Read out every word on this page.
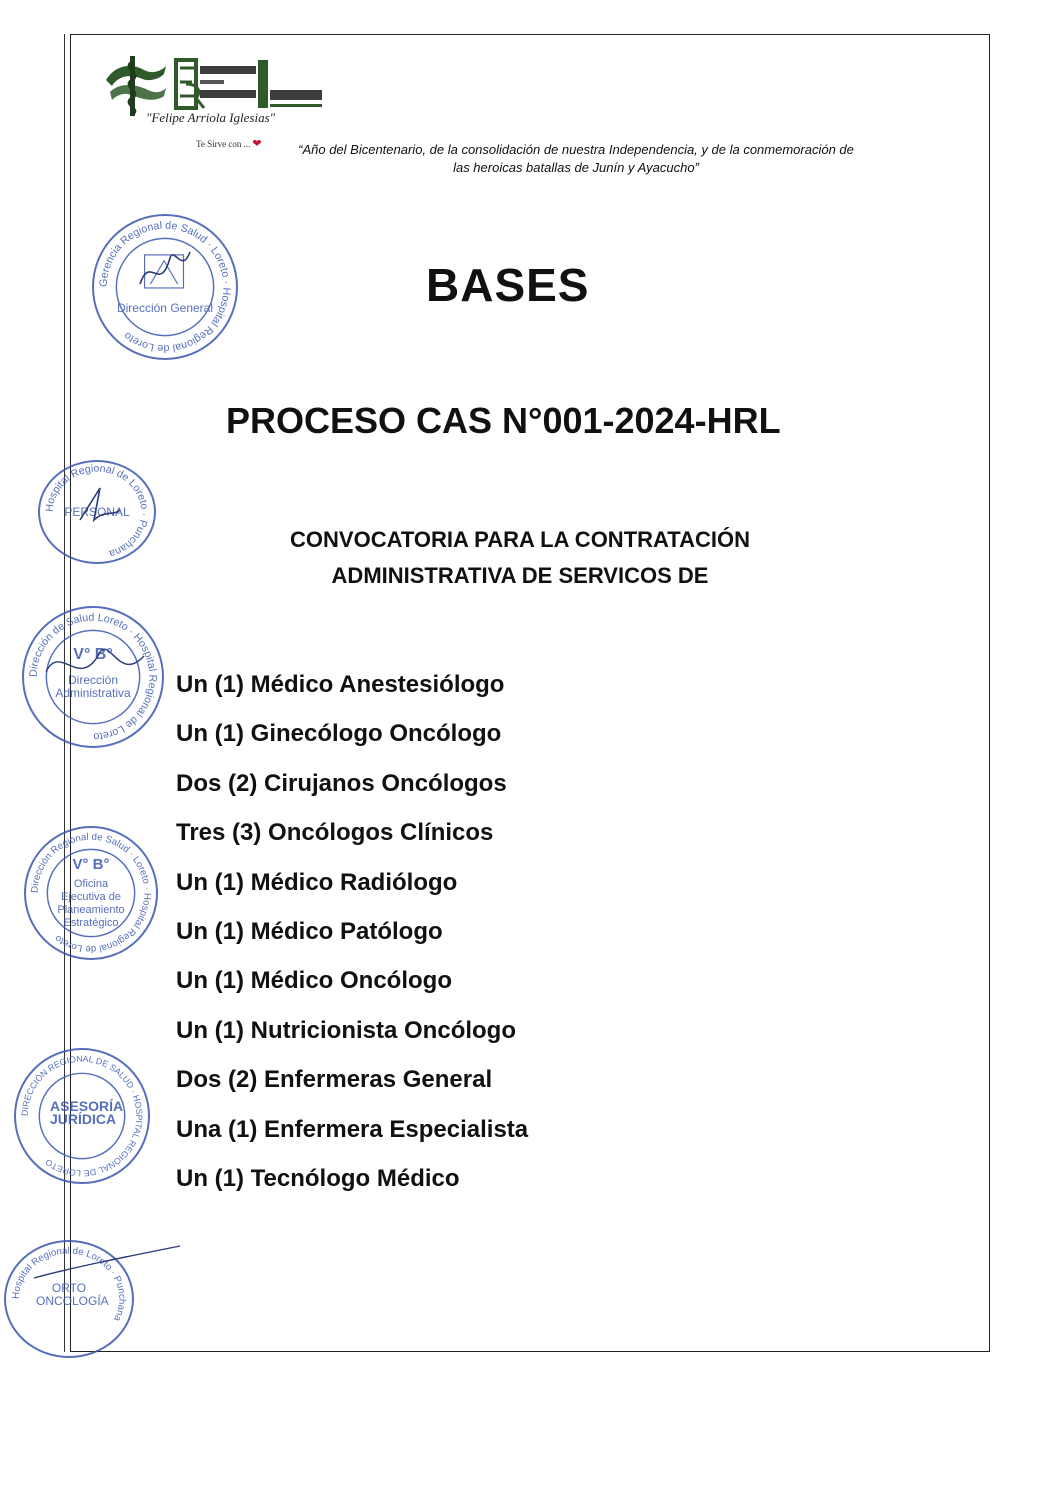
"Felipe Arriola Iglesias"
Te Sirve con ... ❤	“Año del Bicentenario, de la consolidación de nuestra Independencia, y de la conmemoración de las heroicas batallas de Junín y Ayacucho”
BASES
PROCESO CAS N°001-2024-HRL
CONVOCATORIA PARA LA CONTRATACIÓN
ADMINISTRATIVA DE SERVICOS DE
Un (1) Médico Anestesiólogo
Un (1) Ginecólogo Oncólogo
Dos (2) Cirujanos Oncólogos
Tres (3) Oncólogos Clínicos
Un (1) Médico Radiólogo
Un (1) Médico Patólogo
Un (1) Médico Oncólogo
Un (1) Nutricionista Oncólogo
Dos (2) Enfermeras General
Una (1) Enfermera Especialista
Un (1) Tecnólogo Médico
Gerencia Regional de Salud · Loreto · Hospital Regional de Loreto
Dirección General
Hospital Regional de Loreto · Punchana
PERSONAL
Dirección de Salud Loreto · Hospital Regional de Loreto
V° B°
Dirección Administrativa
Dirección Regional de Salud · Loreto · Hospital Regional de Loreto
V° B°
Oficina Ejecutiva de Planeamiento Estratégico
DIRECCIÓN REGIONAL DE SALUD · HOSPITAL REGIONAL DE LORETO
ASESORÍA JURÍDICA
Hospital Regional de Loreto · Punchana
ORTO ONCOLOGÍA
